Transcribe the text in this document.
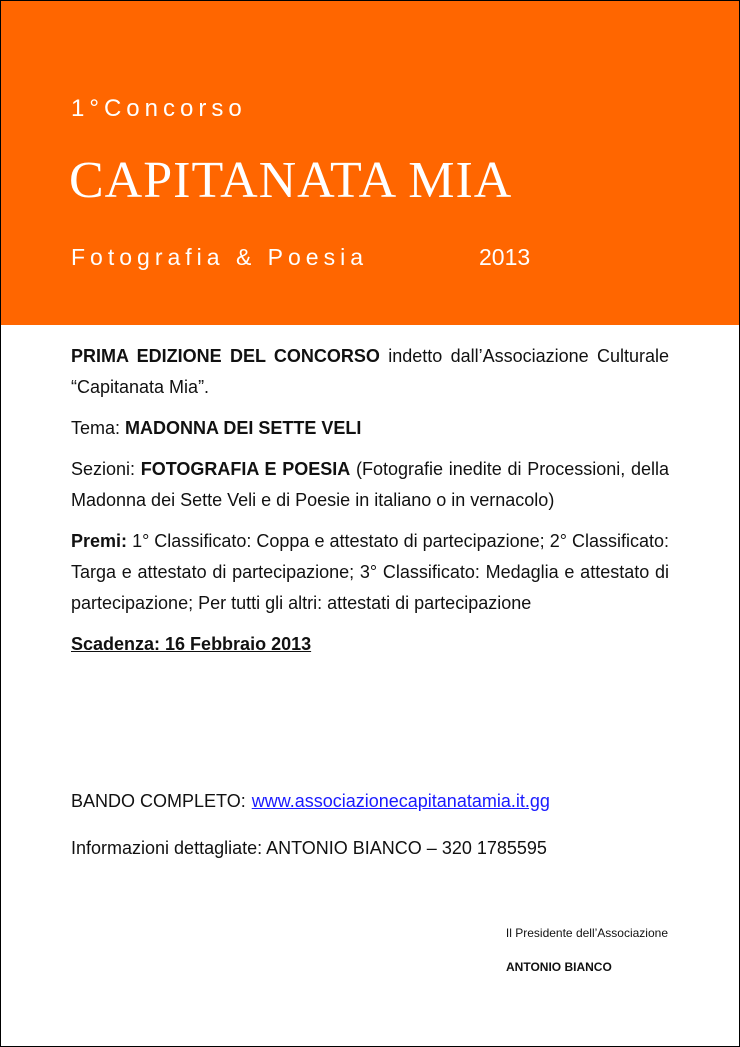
1°Concorso
CAPITANATA MIA
Fotografia & Poesia	2013

PRIMA EDIZIONE DEL CONCORSO indetto dall’Associazione Culturale “Capitanata Mia”.

Tema: MADONNA DEI SETTE VELI

Sezioni: FOTOGRAFIA E POESIA (Fotografie inedite di Processioni, della Madonna dei Sette Veli e di Poesie in italiano o in vernacolo)

Premi: 1° Classificato: Coppa e attestato di partecipazione; 2° Classificato: Targa e attestato di partecipazione; 3° Classificato: Medaglia e attestato di partecipazione; Per tutti gli altri: attestati di partecipazione

Scadenza: 16 Febbraio 2013

BANDO COMPLETO: www.associazionecapitanatamia.it.gg
Informazioni dettagliate: ANTONIO BIANCO – 320 1785595
Il Presidente dell’Associazione
ANTONIO BIANCO
